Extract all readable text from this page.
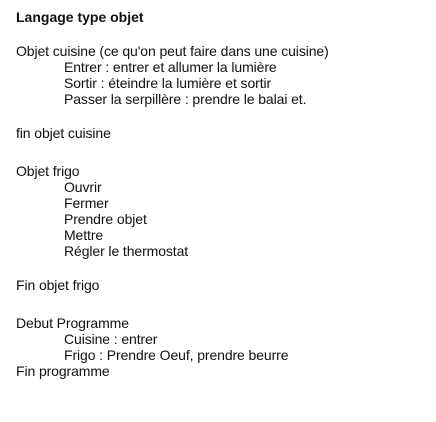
Langage type objet
Objet cuisine (ce qu'on peut faire dans une cuisine)
Entrer : entrer et allumer la lumière
Sortir : éteindre la lumière et sortir
Passer la serpillère : prendre le balai et.
fin objet cuisine
Objet frigo
Ouvrir
Fermer
Prendre objet
Mettre
Régler le thermostat
Fin objet frigo
Debut Programme
Cuisine : entrer
Frigo : Prendre Oeuf, prendre beurre
Fin programme
